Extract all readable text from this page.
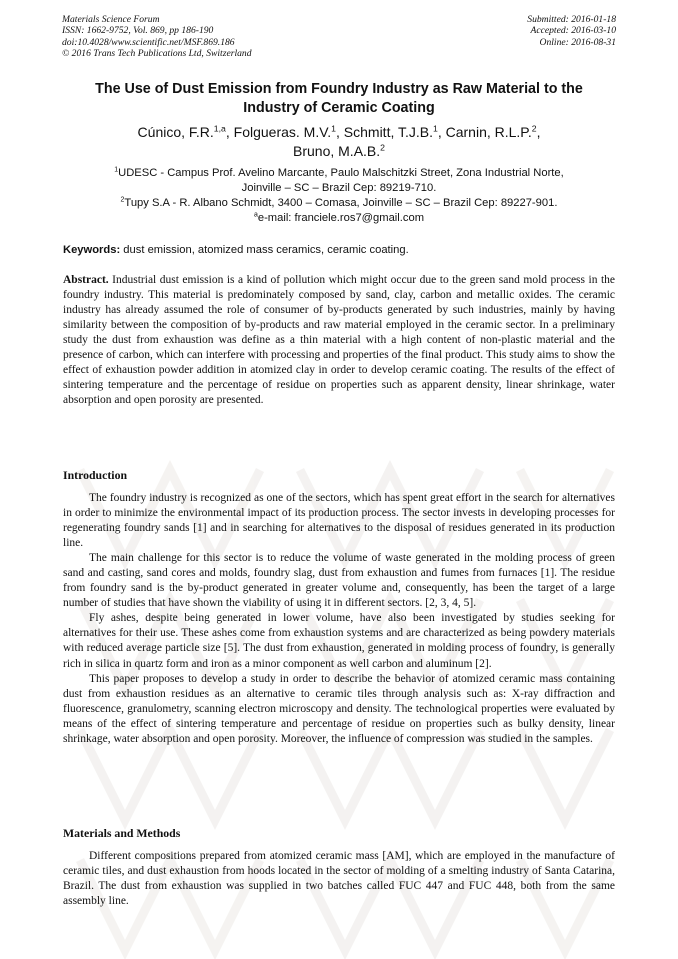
Materials Science Forum
ISSN: 1662-9752, Vol. 869, pp 186-190
doi:10.4028/www.scientific.net/MSF.869.186
© 2016 Trans Tech Publications Ltd, Switzerland
Submitted: 2016-01-18
Accepted: 2016-03-10
Online: 2016-08-31
The Use of Dust Emission from Foundry Industry as Raw Material to the
Industry of Ceramic Coating
Cúnico, F.R.$^{1,a}$, Folgueras. M.V.$^1$, Schmitt, T.J.B.$^1$, Carnin, R.L.P.$^2$,
Bruno, M.A.B.$^2$
$^1$UDESC - Campus Prof. Avelino Marcante, Paulo Malschitzki Street, Zona Industrial Norte,
Joinville – SC – Brazil Cep: 89219-710.
$^2$Tupy S.A - R. Albano Schmidt, 3400 – Comasa, Joinville – SC – Brazil Cep: 89227-901.
$^a$e-mail: franciele.ros7@gmail.com
Keywords: dust emission, atomized mass ceramics, ceramic coating.
Abstract. Industrial dust emission is a kind of pollution which might occur due to the green sand mold process in the foundry industry. This material is predominately composed by sand, clay, carbon and metallic oxides. The ceramic industry has already assumed the role of consumer of by-products generated by such industries, mainly by having similarity between the composition of by-products and raw material employed in the ceramic sector. In a preliminary study the dust from exhaustion was define as a thin material with a high content of non-plastic material and the presence of carbon, which can interfere with processing and properties of the final product. This study aims to show the effect of exhaustion powder addition in atomized clay in order to develop ceramic coating. The results of the effect of sintering temperature and the percentage of residue on properties such as apparent density, linear shrinkage, water absorption and open porosity are presented.
Introduction

The foundry industry is recognized as one of the sectors, which has spent great effort in the search for alternatives in order to minimize the environmental impact of its production process. The sector invests in developing processes for regenerating foundry sands [1] and in searching for alternatives to the disposal of residues generated in its production line.

The main challenge for this sector is to reduce the volume of waste generated in the molding process of green sand and casting, sand cores and molds, foundry slag, dust from exhaustion and fumes from furnaces [1]. The residue from foundry sand is the by-product generated in greater volume and, consequently, has been the target of a large number of studies that have shown the viability of using it in different sectors. [2, 3, 4, 5].

Fly ashes, despite being generated in lower volume, have also been investigated by studies seeking for alternatives for their use. These ashes come from exhaustion systems and are characterized as being powdery materials with reduced average particle size [5]. The dust from exhaustion, generated in molding process of foundry, is generally rich in silica in quartz form and iron as a minor component as well carbon and aluminum [2].

This paper proposes to develop a study in order to describe the behavior of atomized ceramic mass containing dust from exhaustion residues as an alternative to ceramic tiles through analysis such as: X-ray diffraction and fluorescence, granulometry, scanning electron microscopy and density. The technological properties were evaluated by means of the effect of sintering temperature and percentage of residue on properties such as bulky density, linear shrinkage, water absorption and open porosity. Moreover, the influence of compression was studied in the samples.

Materials and Methods

Different compositions prepared from atomized ceramic mass [AM], which are employed in the manufacture of ceramic tiles, and dust exhaustion from hoods located in the sector of molding of a smelting industry of Santa Catarina, Brazil. The dust from exhaustion was supplied in two batches called FUC 447 and FUC 448, both from the same assembly line.
